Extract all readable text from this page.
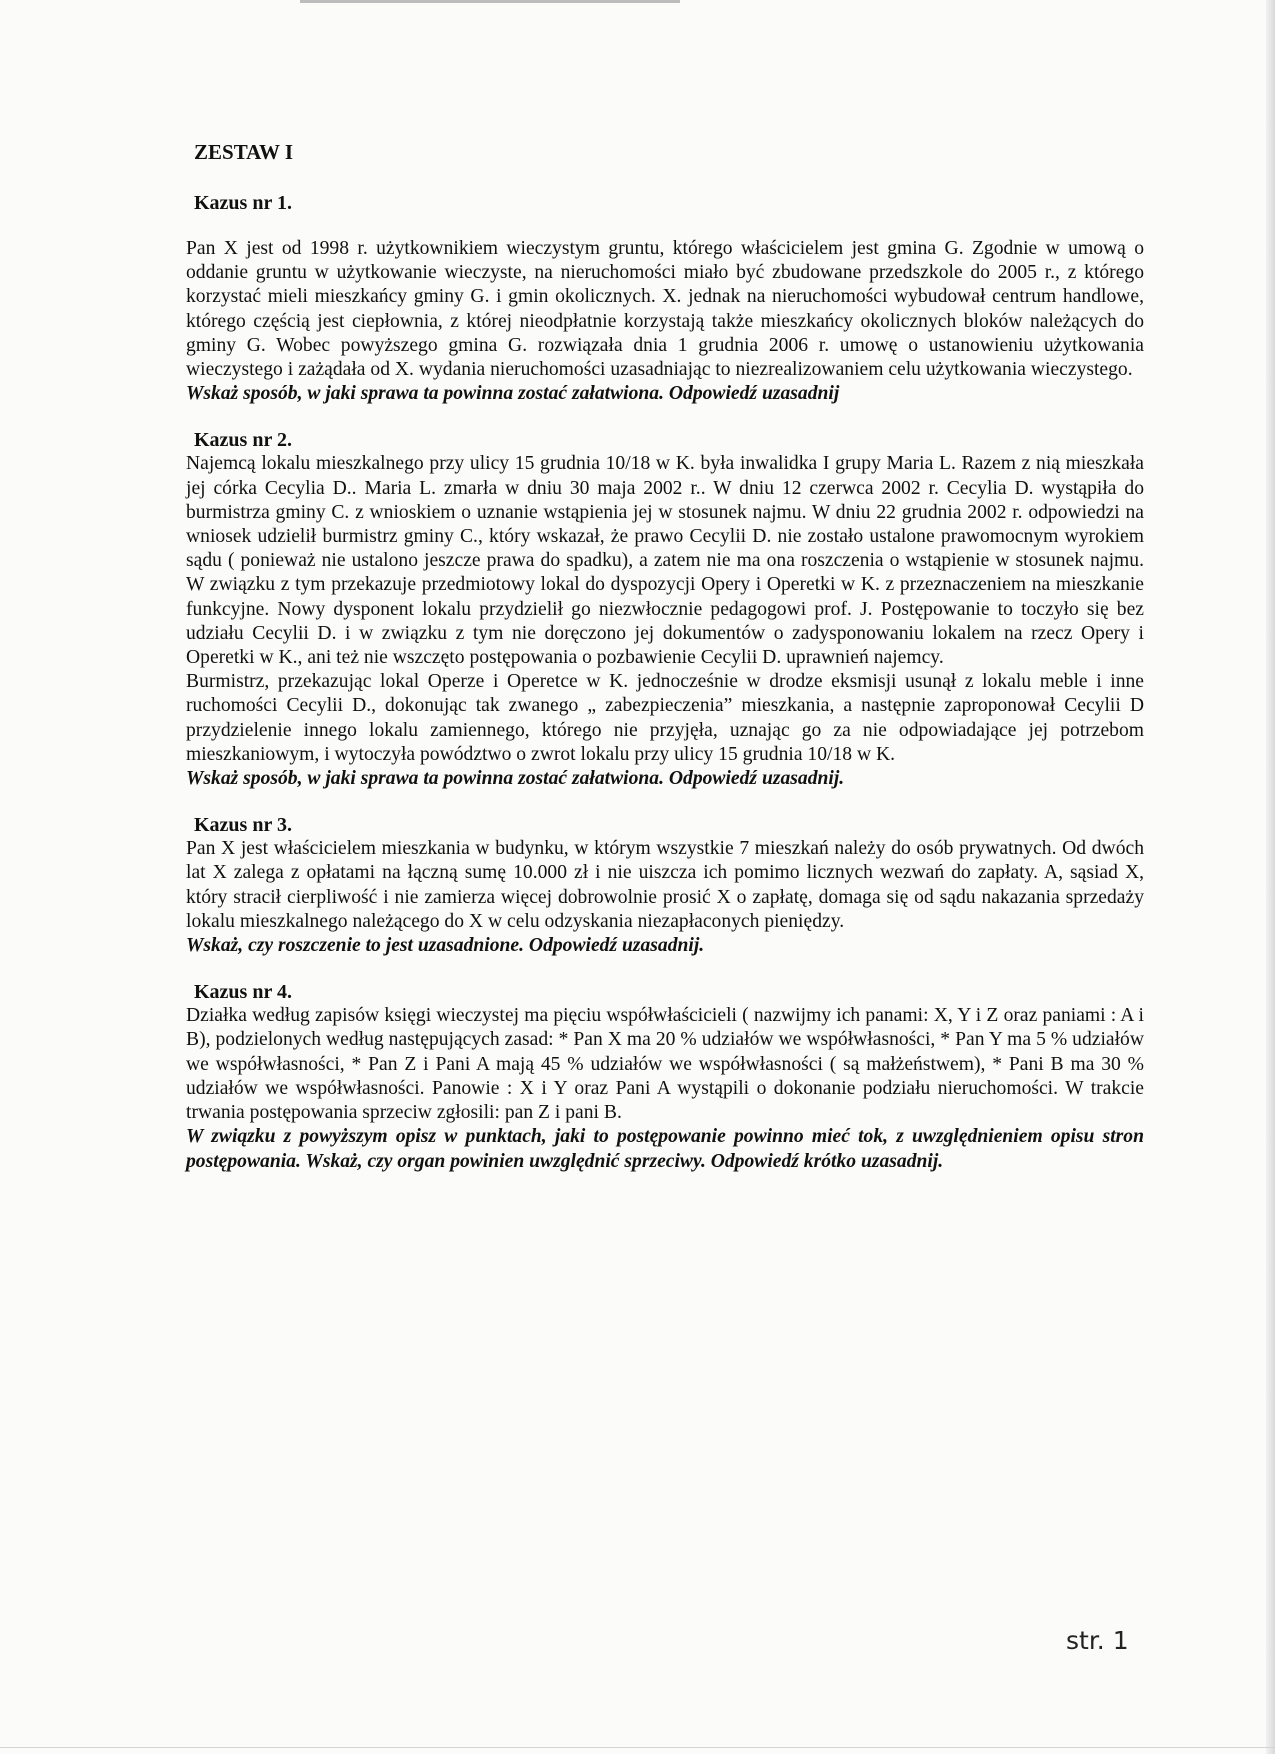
ZESTAW I
Kazus nr 1.

Pan X jest od 1998 r. użytkownikiem wieczystym gruntu, którego właścicielem jest gmina G. Zgodnie w umową o oddanie gruntu w użytkowanie wieczyste, na nieruchomości miało być zbudowane przedszkole do 2005 r., z którego korzystać mieli mieszkańcy gminy G. i gmin okolicznych. X. jednak na nieruchomości wybudował centrum handlowe, którego częścią jest ciepłownia, z której nieodpłatnie korzystają także mieszkańcy okolicznych bloków należących do gminy G. Wobec powyższego gmina G. rozwiązała dnia 1 grudnia 2006 r. umowę o ustanowieniu użytkowania wieczystego i zażądała od X. wydania nieruchomości uzasadniając to niezrealizowaniem celu użytkowania wieczystego.

Wskaż sposób, w jaki sprawa ta powinna zostać załatwiona. Odpowiedź uzasadnij

Kazus nr 2.

Najemcą lokalu mieszkalnego przy ulicy 15 grudnia 10/18 w K. była inwalidka I grupy Maria L. Razem z nią mieszkała jej córka Cecylia D.. Maria L. zmarła w dniu 30 maja 2002 r.. W dniu 12 czerwca 2002 r. Cecylia D. wystąpiła do burmistrza gminy C. z wnioskiem o uznanie wstąpienia jej w stosunek najmu. W dniu 22 grudnia 2002 r. odpowiedzi na wniosek udzielił burmistrz gminy C., który wskazał, że prawo Cecylii D. nie zostało ustalone prawomocnym wyrokiem sądu ( ponieważ nie ustalono jeszcze prawa do spadku), a zatem nie ma ona roszczenia o wstąpienie w stosunek najmu. W związku z tym przekazuje przedmiotowy lokal do dyspozycji Opery i Operetki w K. z przeznaczeniem na mieszkanie funkcyjne. Nowy dysponent lokalu przydzielił go niezwłocznie pedagogowi prof. J. Postępowanie to toczyło się bez udziału Cecylii D. i w związku z tym nie doręczono jej dokumentów o zadysponowaniu lokalem na rzecz Opery i Operetki w K., ani też nie wszczęto postępowania o pozbawienie Cecylii D. uprawnień najemcy.
Burmistrz, przekazując lokal Operze i Operetce w K. jednocześnie w drodze eksmisji usunął z lokalu meble i inne ruchomości Cecylii D., dokonując tak zwanego „ zabezpieczenia” mieszkania, a następnie zaproponował Cecylii D przydzielenie innego lokalu zamiennego, którego nie przyjęła, uznając go za nie odpowiadające jej potrzebom mieszkaniowym, i wytoczyła powództwo o zwrot lokalu przy ulicy 15 grudnia 10/18 w K.

Wskaż sposób, w jaki sprawa ta powinna zostać załatwiona. Odpowiedź uzasadnij.

Kazus nr 3.

Pan X jest właścicielem mieszkania w budynku, w którym wszystkie 7 mieszkań należy do osób prywatnych. Od dwóch lat X zalega z opłatami na łączną sumę 10.000 zł i nie uiszcza ich pomimo licznych wezwań do zapłaty. A, sąsiad X, który stracił cierpliwość i nie zamierza więcej dobrowolnie prosić X o zapłatę, domaga się od sądu nakazania sprzedaży lokalu mieszkalnego należącego do X w celu odzyskania niezapłaconych pieniędzy.

Wskaż, czy roszczenie to jest uzasadnione. Odpowiedź uzasadnij.

Kazus nr 4.

Działka według zapisów księgi wieczystej ma pięciu współwłaścicieli ( nazwijmy ich panami: X, Y i Z oraz paniami : A i B), podzielonych według następujących zasad: * Pan X ma 20 % udziałów we współwłasności, * Pan Y ma 5 % udziałów we współwłasności, * Pan Z i Pani A mają 45 % udziałów we współwłasności ( są małżeństwem), * Pani B ma 30 % udziałów we współwłasności. Panowie : X i Y oraz Pani A wystąpili o dokonanie podziału nieruchomości. W trakcie trwania postępowania sprzeciw zgłosili: pan Z i pani B.

W związku z powyższym opisz w punktach, jaki to postępowanie powinno mieć tok, z uwzględnieniem opisu stron postępowania. Wskaż, czy organ powinien uwzględnić sprzeciwy. Odpowiedź krótko uzasadnij.

str. 1
